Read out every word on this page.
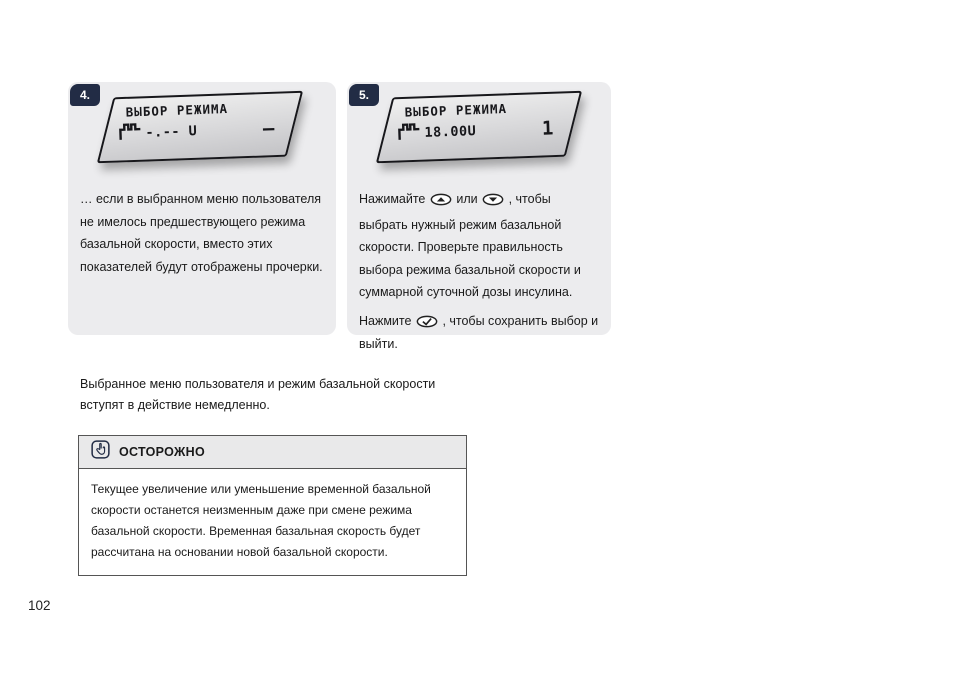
4.
ВЫБОР РЕЖИМА
-.-- U	–
… если в выбранном меню пользователя не имелось предшествующего режима базальной скорости, вместо этих показателей будут отображены прочерки.
5.
ВЫБОР РЕЖИМА
18.00U	1
Нажимайте или , чтобы выбрать нужный режим базальной скорости. Проверьте правильность выбора режима базальной скорости и суммарной суточной дозы инсулина.
Нажмите , чтобы сохранить выбор и выйти.
Выбранное меню пользователя и режим базальной скорости вступят в действие немедленно.
ОСТОРОЖНО
Текущее увеличение или уменьшение временной базальной скорости останется неизменным даже при смене режима базальной скорости. Временная базальная скорость будет рассчитана на основании новой базальной скорости.
102
